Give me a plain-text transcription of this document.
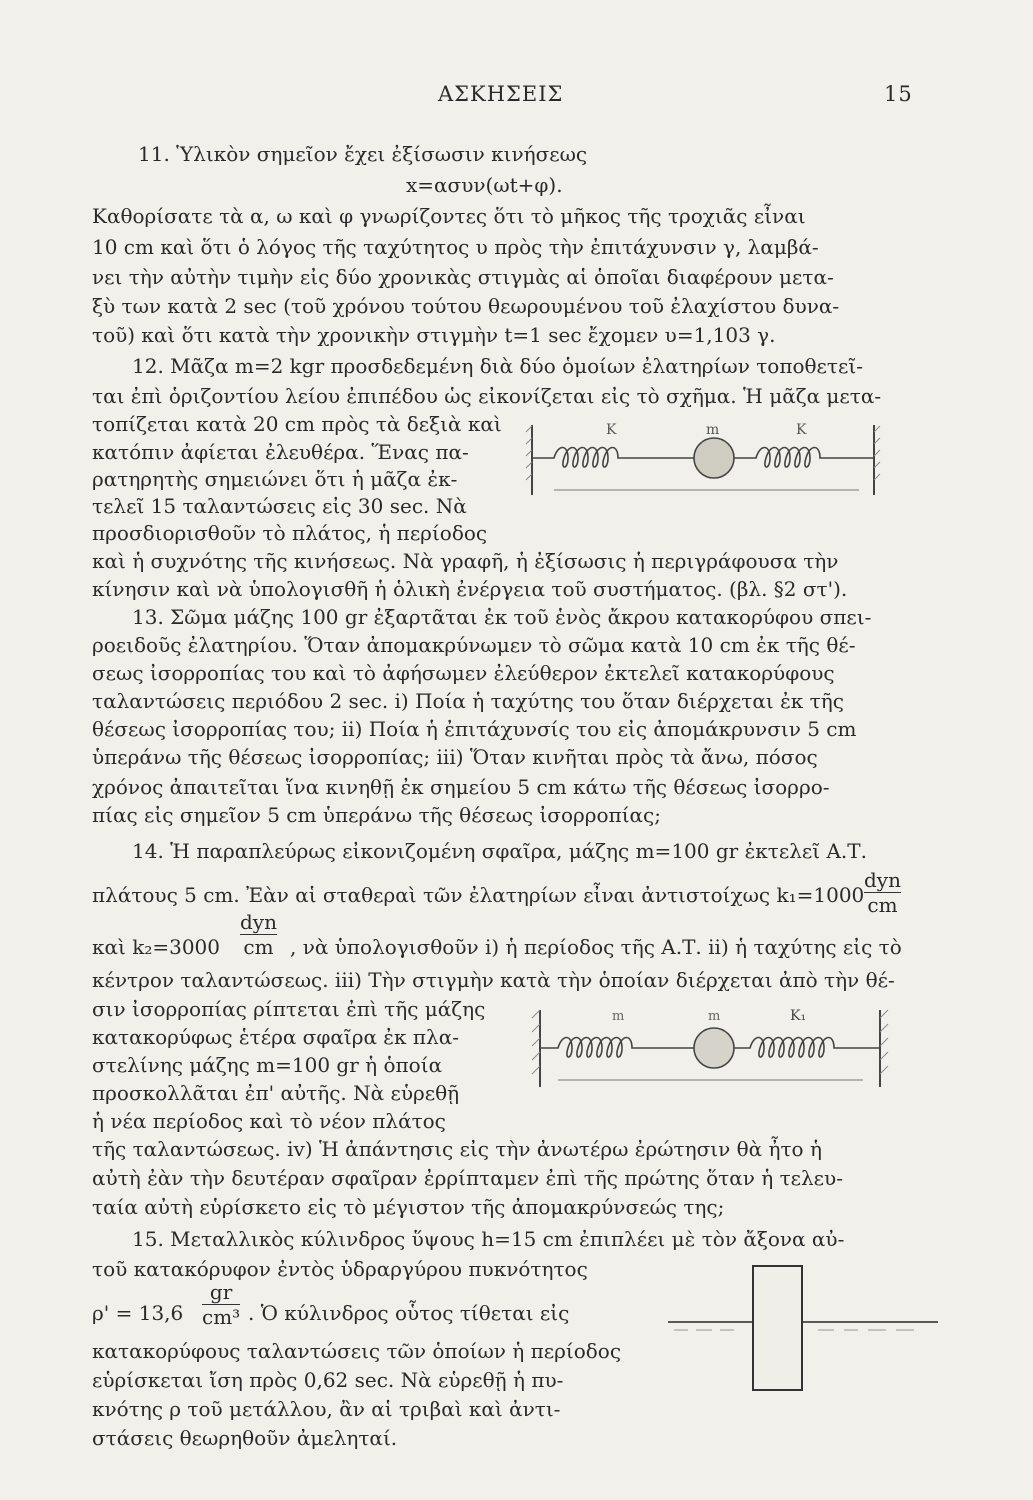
ΑΣΚΗΣΕΙΣ	15
11. Ὑλικὸν σημεῖον ἔχει ἐξίσωσιν κινήσεως
x=ασυν(ωt+φ).
Καθορίσατε τὰ α, ω καὶ φ γνωρίζοντες ὅτι τὸ μῆκος τῆς τροχιᾶς εἶναι
10 cm καὶ ὅτι ὁ λόγος τῆς ταχύτητος υ πρὸς τὴν ἐπιτάχυνσιν γ, λαμβά-
νει τὴν αὐτὴν τιμὴν εἰς δύο χρονικὰς στιγμὰς αἱ ὁποῖαι διαφέρουν μετα-
ξὺ των κατὰ 2 sec (τοῦ χρόνου τούτου θεωρουμένου τοῦ ἐλαχίστου δυνα-
τοῦ) καὶ ὅτι κατὰ τὴν χρονικὴν στιγμὴν t=1 sec ἔχομεν υ=1,103 γ.
12. Μᾶζα m=2 kgr προσδεδεμένη διὰ δύο ὁμοίων ἐλατηρίων τοποθετεῖ-
ται ἐπὶ ὁριζοντίου λείου ἐπιπέδου ὡς εἰκονίζεται εἰς τὸ σχῆμα. Ἡ μᾶζα μετα-
τοπίζεται κατὰ 20 cm πρὸς τὰ δεξιὰ καὶ
κατόπιν ἀφίεται ἐλευθέρα. Ἕνας πα-
ρατηρητὴς σημειώνει ὅτι ἡ μᾶζα ἐκ-
τελεῖ 15 ταλαντώσεις εἰς 30 sec. Νὰ
προσδιορισθοῦν τὸ πλάτος, ἡ περίοδος
καὶ ἡ συχνότης τῆς κινήσεως. Νὰ γραφῆ, ἡ ἐξίσωσις ἡ περιγράφουσα τὴν
κίνησιν καὶ νὰ ὑπολογισθῆ ἡ ὁλικὴ ἐνέργεια τοῦ συστήματος. (βλ. §2 στ').
K	m	K
13. Σῶμα μάζης 100 gr ἐξαρτᾶται ἐκ τοῦ ἑνὸς ἄκρου κατακορύφου σπει-
ροειδοῦς ἐλατηρίου. Ὅταν ἀπομακρύνωμεν τὸ σῶμα κατὰ 10 cm ἐκ τῆς θέ-
σεως ἰσορροπίας του καὶ τὸ ἀφήσωμεν ἐλεύθερον ἐκτελεῖ κατακορύφους
ταλαντώσεις περιόδου 2 sec. i) Ποία ἡ ταχύτης του ὅταν διέρχεται ἐκ τῆς
θέσεως ἰσορροπίας του; ii) Ποία ἡ ἐπιτάχυνσίς του εἰς ἀπομάκρυνσιν 5 cm
ὑπεράνω τῆς θέσεως ἰσορροπίας; iii) Ὅταν κινῆται πρὸς τὰ ἄνω, πόσος
χρόνος ἀπαιτεῖται ἵνα κινηθῇ ἐκ σημείου 5 cm κάτω τῆς θέσεως ἰσορρο-
πίας εἰς σημεῖον 5 cm ὑπεράνω τῆς θέσεως ἰσορροπίας;
14. Ἡ παραπλεύρως εἰκονιζομένη σφαῖρα, μάζης m=100 gr ἐκτελεῖ Α.Τ.
πλάτους 5 cm. Ἐὰν αἱ σταθεραὶ τῶν ἐλατηρίων εἶναι ἀντιστοίχως k₁=1000
dyn
cm
καὶ k₂=3000
dyn
cm , νὰ ὑπολογισθοῦν i) ἡ περίοδος τῆς Α.Τ. ii) ἡ ταχύτης εἰς τὸ
κέντρον ταλαντώσεως. iii) Τὴν στιγμὴν κατὰ τὴν ὁποίαν διέρχεται ἀπὸ τὴν θέ-
σιν ἰσορροπίας ρίπτεται ἐπὶ τῆς μάζης
κατακορύφως ἑτέρα σφαῖρα ἐκ πλα-
στελίνης μάζης m=100 gr ἡ ὁποία
προσκολλᾶται ἐπ' αὐτῆς. Νὰ εὑρεθῇ
ἡ νέα περίοδος καὶ τὸ νέον πλάτος
τῆς ταλαντώσεως. iv) Ἡ ἀπάντησις εἰς τὴν ἀνωτέρω ἐρώτησιν θὰ ἦτο ἡ
αὐτὴ ἐὰν τὴν δευτέραν σφαῖραν ἐρρίπταμεν ἐπὶ τῆς πρώτης ὅταν ἡ τελευ-
ταία αὐτὴ εὑρίσκετο εἰς τὸ μέγιστον τῆς ἀπομακρύνσεώς της;
m	m	K₁
15. Μεταλλικὸς κύλινδρος ὕψους h=15 cm ἐπιπλέει μὲ τὸν ἄξονα αὐ-
τοῦ κατακόρυφον ἐντὸς ὑδραργύρου πυκνότητος
ρ' = 13,6
gr
cm³ . Ὁ κύλινδρος οὗτος τίθεται εἰς
κατακορύφους ταλαντώσεις τῶν ὁποίων ἡ περίοδος
εὑρίσκεται ἴση πρὸς 0,62 sec. Νὰ εὑρεθῇ ἡ πυ-
κνότης ρ τοῦ μετάλλου, ἂν αἱ τριβαὶ καὶ ἀντι-
στάσεις θεωρηθοῦν ἀμεληταί.
